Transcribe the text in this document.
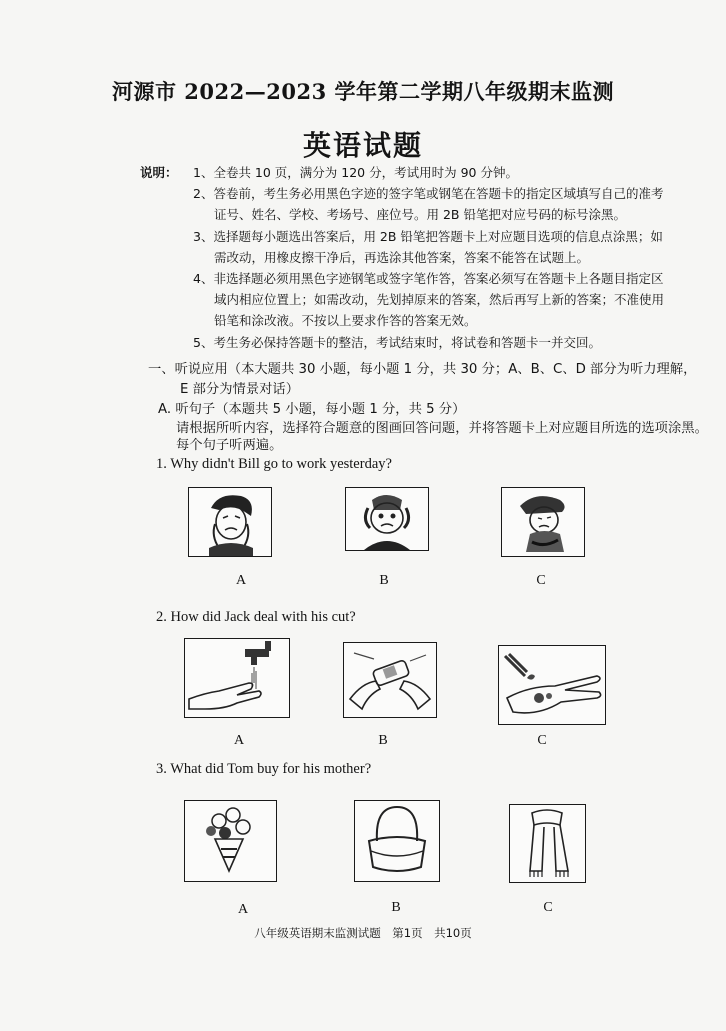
河源市 2022—2023 学年第二学期八年级期末监测
英语试题
说明： 1、全卷共 10 页，满分为 120 分，考试用时为 90 分钟。
2、答卷前，考生务必用黑色字迹的签字笔或钢笔在答题卡的指定区域填写自己的准考
证号、姓名、学校、考场号、座位号。用 2B 铅笔把对应号码的标号涂黑。
3、选择题每小题选出答案后，用 2B 铅笔把答题卡上对应题目选项的信息点涂黑；如
需改动，用橡皮擦干净后，再选涂其他答案，答案不能答在试题上。
4、非选择题必须用黑色字迹钢笔或签字笔作答，答案必须写在答题卡上各题目指定区
域内相应位置上；如需改动，先划掉原来的答案，然后再写上新的答案；不准使用
铅笔和涂改液。不按以上要求作答的答案无效。
5、考生务必保持答题卡的整洁，考试结束时，将试卷和答题卡一并交回。
一、听说应用（本大题共 30 小题，每小题 1 分，共 30 分；A、B、C、D 部分为听力理解，
E 部分为情景对话）
A. 听句子（本题共 5 小题，每小题 1 分，共 5 分）
请根据所听内容，选择符合题意的图画回答问题，并将答题卡上对应题目所选的选项涂黑。
每个句子听两遍。
1. Why didn't Bill go to work yesterday?
A	B	C
2. How did Jack deal with his cut?
A	B	C
3. What did Tom buy for his mother?
A	B	C
八年级英语期末监测试题　第1页　共10页
